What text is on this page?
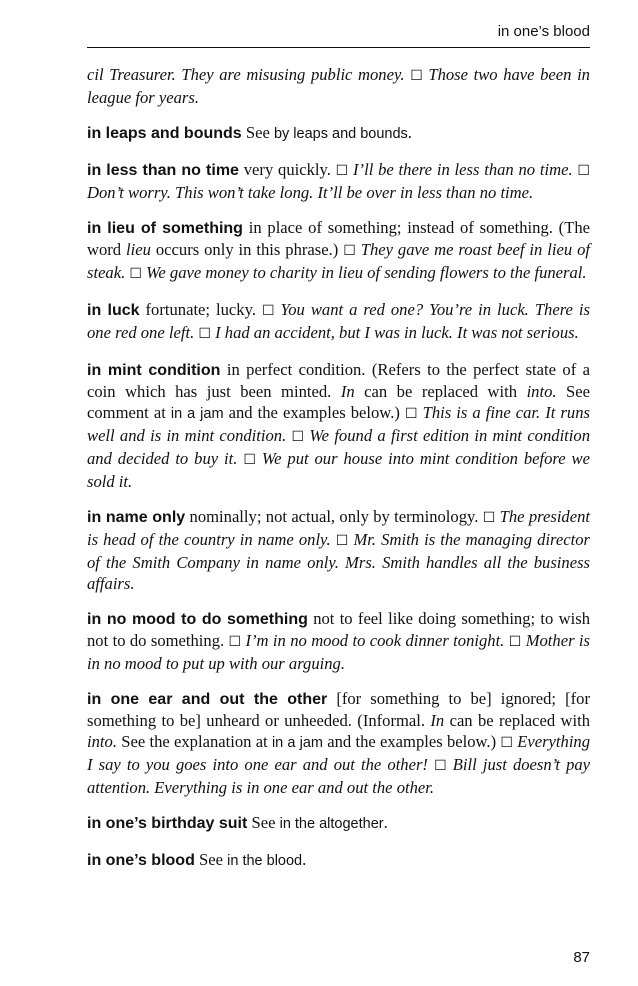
in one’s blood

cil Treasurer. They are misusing public money. ☐ Those two have been in league for years.

in leaps and bounds See by leaps and bounds.

in less than no time very quickly. ☐ I’ll be there in less than no time. ☐ Don’t worry. This won’t take long. It’ll be over in less than no time.

in lieu of something in place of something; instead of something. (The word lieu occurs only in this phrase.) ☐ They gave me roast beef in lieu of steak. ☐ We gave money to charity in lieu of sending flowers to the funeral.

in luck fortunate; lucky. ☐ You want a red one? You’re in luck. There is one red one left. ☐ I had an accident, but I was in luck. It was not serious.

in mint condition in perfect condition. (Refers to the perfect state of a coin which has just been minted. In can be replaced with into. See comment at in a jam and the examples below.) ☐ This is a fine car. It runs well and is in mint condition. ☐ We found a first edition in mint condition and decided to buy it. ☐ We put our house into mint condition before we sold it.

in name only nominally; not actual, only by terminology. ☐ The president is head of the country in name only. ☐ Mr. Smith is the managing director of the Smith Company in name only. Mrs. Smith handles all the business affairs.

in no mood to do something not to feel like doing something; to wish not to do something. ☐ I’m in no mood to cook dinner tonight. ☐ Mother is in no mood to put up with our arguing.

in one ear and out the other [for something to be] ignored; [for something to be] unheard or unheeded. (Informal. In can be replaced with into. See the explanation at in a jam and the examples below.) ☐ Everything I say to you goes into one ear and out the other! ☐ Bill just doesn’t pay attention. Everything is in one ear and out the other.

in one’s birthday suit See in the altogether.

in one’s blood See in the blood.

87
